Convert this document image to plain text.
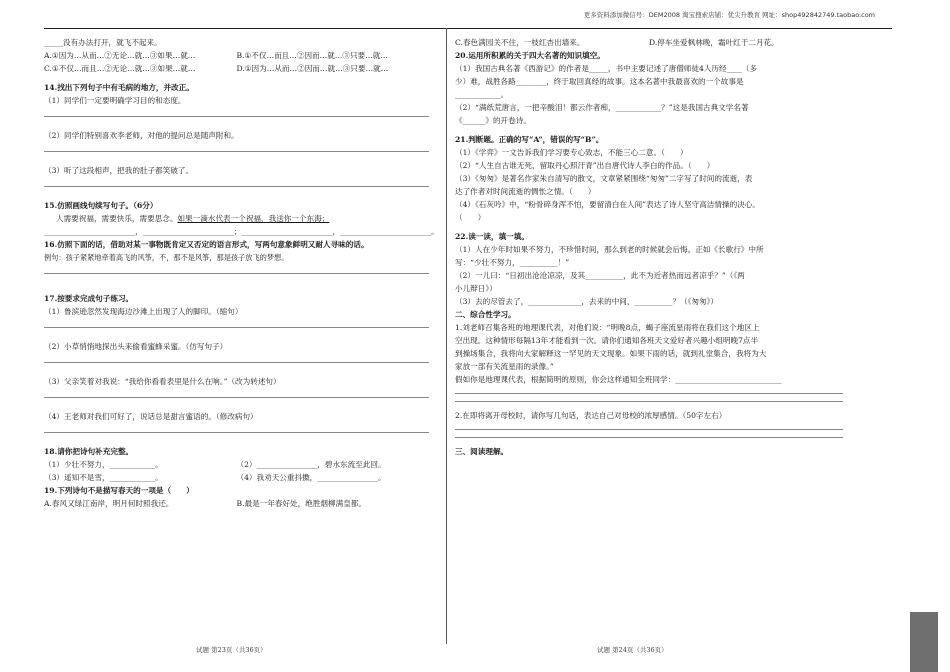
更多资料添加微信号：DEM2008 淘宝搜索店铺：优尖升教育 网址：shop492842749.taobao.com
_____没有办法打开，就飞不起来。
A.①因为…从而…②无论…就…③如果…就…	B.①不仅…而且…②因而…就…③只要…就…
C.①不仅…而且…②无论…就…③如果…就…	D.①因为…从而…②因而…就…③只要…就…
14.找出下列句子中有毛病的地方，并改正。
（1）同学们一定要明确学习目的和态度。
（2）同学们特别喜欢李老师，对他的提问总是随声附和。
（3）听了这段相声，把我的肚子都笑破了。
15.仿照画线句续写句子。（6分）
人需要祝福，需要快乐，需要思念。如果一滴水代表一个祝福，我送你一个东海；
________________________，________________________；________________________，________________________。
16.仿照下面的话，借助对某一事物既肯定又否定的语言形式，写两句意象鲜明又耐人寻味的话。
例句：孩子紧紧地牵着高飞的风筝，不，那不是风筝，那是孩子放飞的梦想。
17.按要求完成句子练习。
（1）鲁滨逊忽然发现海边沙滩上出现了人的脚印。（缩句）
（2）小草悄悄地探出头来偷看蜜蜂采蜜。（仿写句子）
（3）父亲笑着对我说：“我给你看看表里是什么在响。”（改为转述句）
（4）王老师对我们可好了，说话总是甜言蜜语的。（修改病句）
18.请你把诗句补充完整。
（1）少壮不努力，____________。	（2）________________，碧水东流至此回。
（3）遥知不是雪，____________。	（4）我劝天公重抖擞，________________。
19.下列诗句不是描写春天的一项是（　　）
A.春风又绿江南岸，明月何时照我还。	B.最是一年春好处，绝胜烟柳满皇都。
C.春色满园关不住，一枝红杏出墙来。	D.停车坐爱枫林晚，霜叶红于二月花。
20.运用所积累的关于四大名著的知识填空。
（1）我国古典名著《西游记》的作者是_____，书中主要记述了唐僧师徒4人历经____（多
少）难，战胜各路________，终于取回真经的故事。这本名著中我最喜欢的一个故事是
____________。
（2）“满纸荒唐言，一把辛酸泪！都云作者痴，____________？”这是我国古典文学名著
《______》的开卷诗。
21.判断题。正确的写“A”，错误的写“B”。
（1）《学弈》一文告诉我们学习要专心致志，不能三心二意。（　　）
（2）“人生自古谁无死，留取丹心照汗青”出自唐代诗人李白的作品。（　　）
（3）《匆匆》是著名作家朱自清写的散文，文章紧紧围绕“匆匆”二字写了时间的流逝，表
达了作者对时间流逝的惆怅之情。（　　）
（4）《石灰吟》中，“粉骨碎身浑不怕，要留清白在人间”表达了诗人坚守高洁情操的决心。
（　　）
22.读一读，填一填。
（1）人在少年时如果不努力，不珍惜时间，那么到老的时候就会后悔。正如《长歌行》中所
写：“少壮不努力，__________！”
（2）一儿曰：“日初出沧沧凉凉，及其__________，此不为近者热而远者凉乎？”（《两
小儿辩日》）
（3）去的尽管去了，______________，去来的中间，__________？（《匆匆》）
二、综合性学习。
1.刘老师召集各班的地理课代表，对他们说：“明晚8点，蝎子座流星雨将在我们这个地区上
空出现。这种情形每隔13年才能看到一次。请你们通知各班天文爱好者兴趣小组明晚7点半
到操场集合，我将向大家解释这一罕见的天文现象。如果下雨的话，就到礼堂集合，我将为大
家放一部有关流星雨的录像。”
假如你是地理课代表，根据简明的原则，你会这样通知全班同学：____________________________
2.在即将离开母校时，请你写几句话，表达自己对母校的浓厚感情。（50字左右）
三、阅读理解。
试题 第23页（共36页）	试题 第24页（共36页）
